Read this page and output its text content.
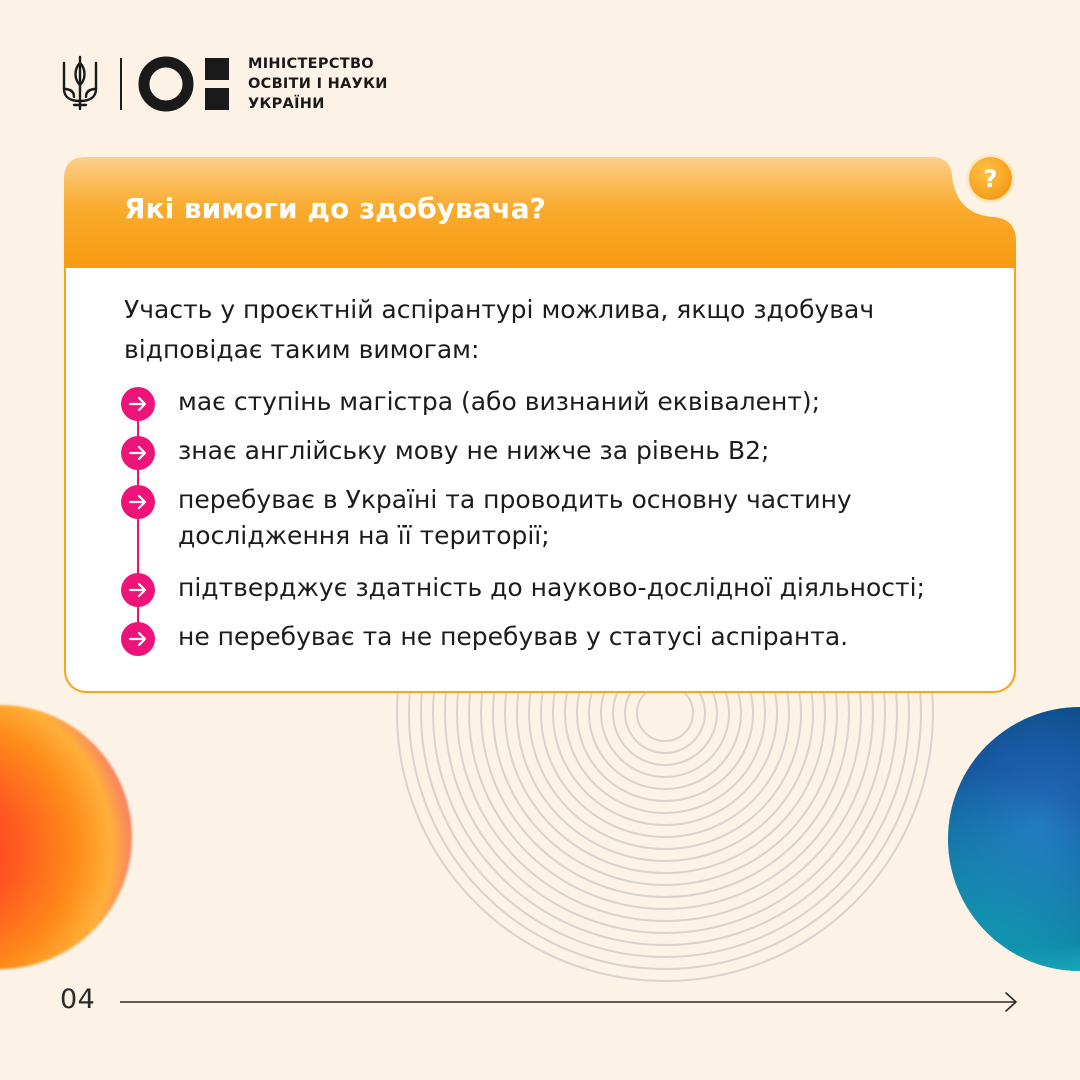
МІНІСТЕРСТВО
ОСВІТИ І НАУКИ
УКРАЇНИ
Які вимоги до здобувача?
?
Участь у проєктній аспірантурі можлива, якщо здобувач
відповідає таким вимогам:
має ступінь магістра (або визнаний еквівалент);
знає англійську мову не нижче за рівень B2;
перебуває в Україні та проводить основну частину
дослідження на її території;
підтверджує здатність до науково-дослідної діяльності;
не перебуває та не перебував у статусі аспіранта.
04
